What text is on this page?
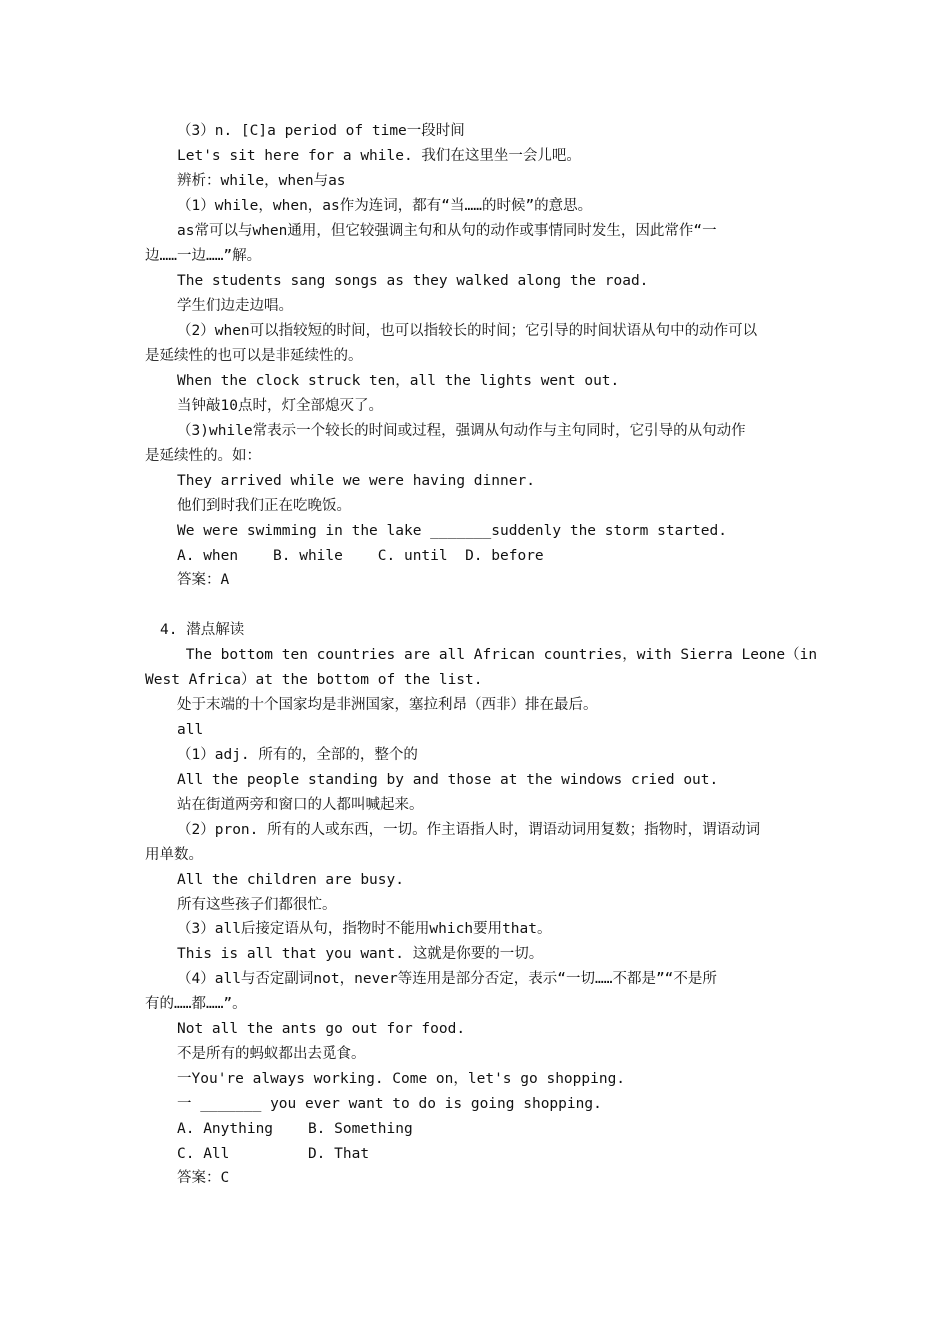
（3）n. [C]a period of time一段时间
Let's sit here for a while. 我们在这里坐一会儿吧。
辨析：while，when与as
（1）while，when，as作为连词，都有“当……的时候”的意思。
as常可以与when通用，但它较强调主句和从句的动作或事情同时发生，因此常作“一
边……一边……”解。
The students sang songs as they walked along the road.
学生们边走边唱。
（2）when可以指较短的时间，也可以指较长的时间；它引导的时间状语从句中的动作可以
是延续性的也可以是非延续性的。
When the clock struck ten，all the lights went out.
当钟敲10点时，灯全部熄灭了。
（3)while常表示一个较长的时间或过程，强调从句动作与主句同时，它引导的从句动作
是延续性的。如：
They arrived while we were having dinner.
他们到时我们正在吃晚饭。
We were swimming in the lake _______suddenly the storm started.
A. when    B. while    C. until  D. before
答案：A
4. 潜点解读
The bottom ten countries are all African countries，with Sierra Leone（in
West Africa）at the bottom of the list.
处于末端的十个国家均是非洲国家，塞拉利昂（西非）排在最后。
all
（1）adj. 所有的，全部的，整个的
All the people standing by and those at the windows cried out.
站在街道两旁和窗口的人都叫喊起来。
（2）pron. 所有的人或东西，一切。作主语指人时，谓语动词用复数；指物时，谓语动词
用单数。
All the children are busy.
所有这些孩子们都很忙。
（3）all后接定语从句，指物时不能用which要用that。
This is all that you want. 这就是你要的一切。
（4）all与否定副词not，never等连用是部分否定，表示“一切……不都是”“不是所
有的……都……”。
Not all the ants go out for food.
不是所有的蚂蚁都出去觅食。
一You're always working. Come on，let's go shopping.
一 _______ you ever want to do is going shopping.
A. Anything    B. Something
C. All         D. That
答案：C
